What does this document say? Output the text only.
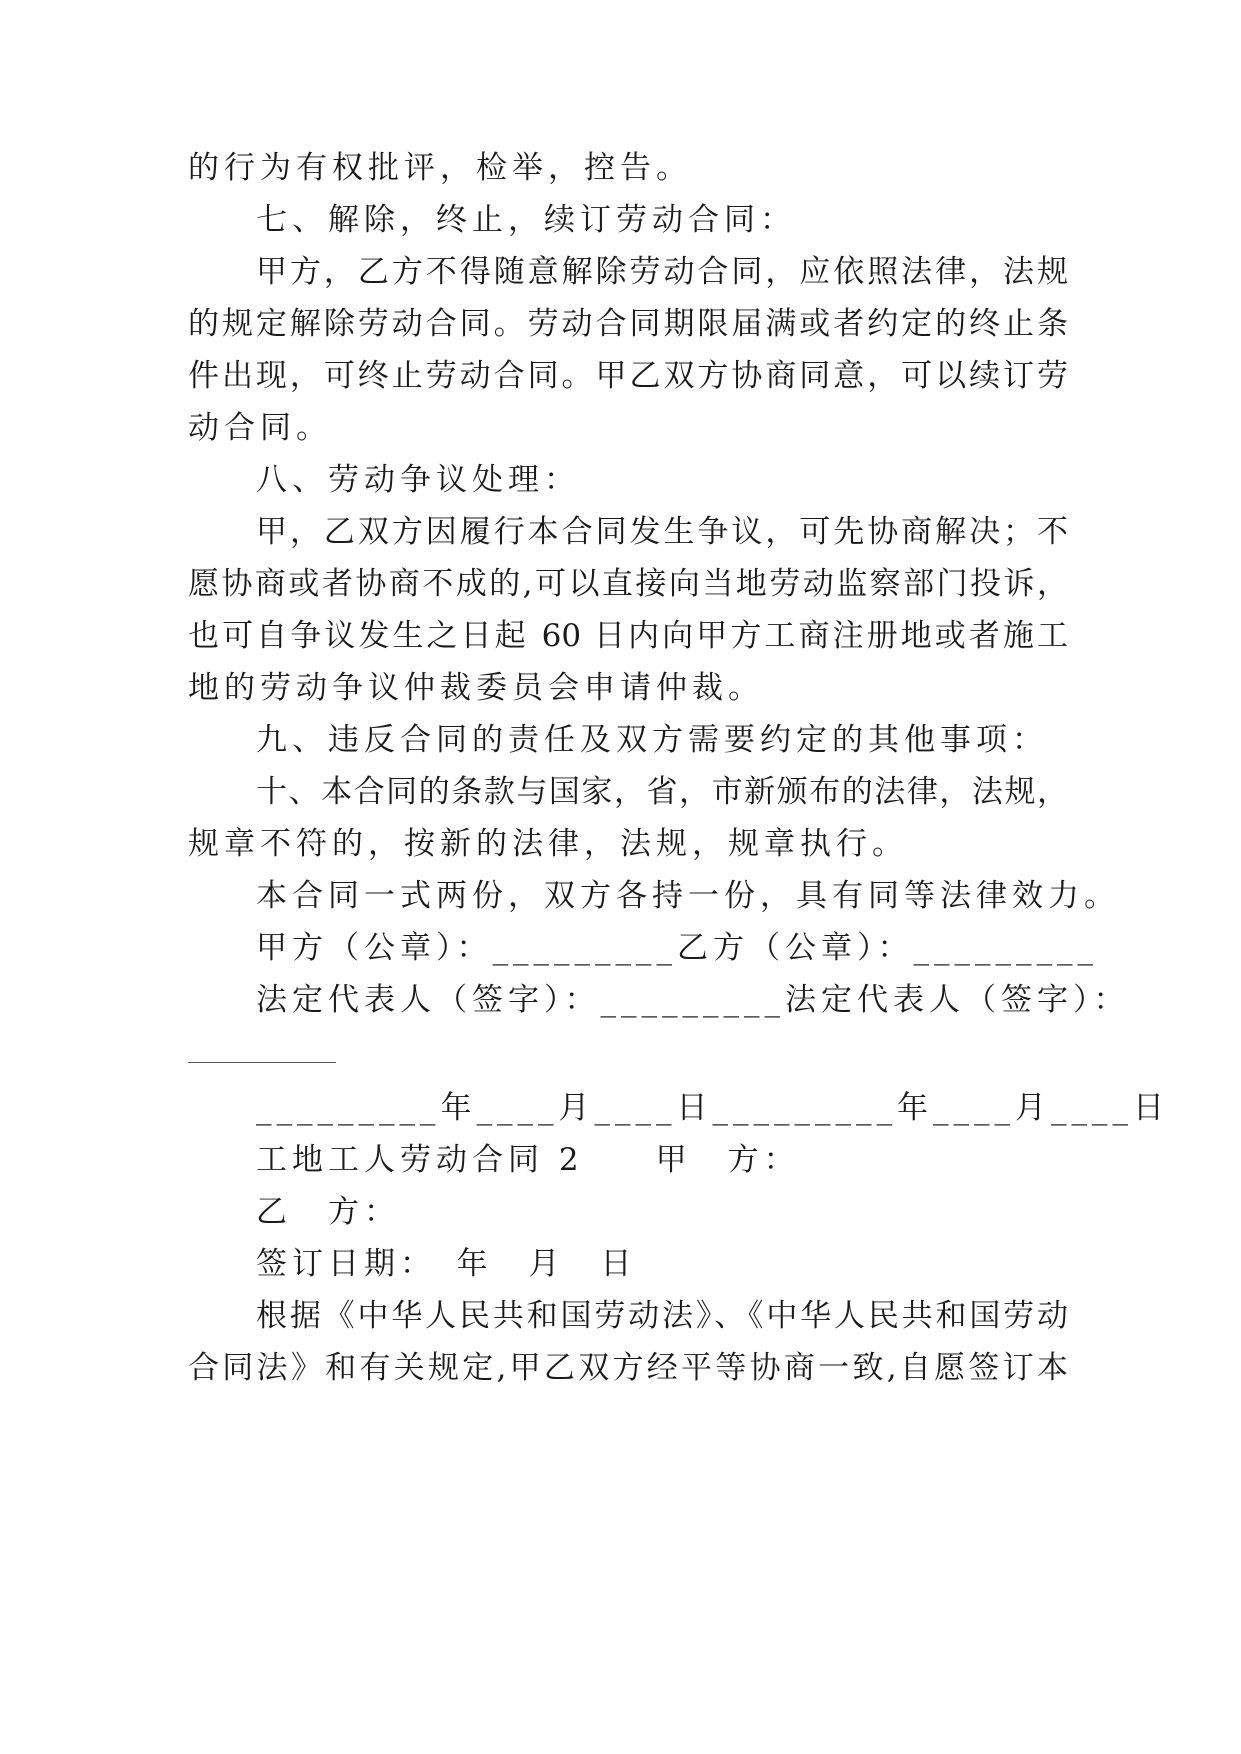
的行为有权批评，检举，控告。
七、解除，终止，续订劳动合同：
甲方，乙方不得随意解除劳动合同，应依照法律，法规
的规定解除劳动合同。劳动合同期限届满或者约定的终止条
件出现，可终止劳动合同。甲乙双方协商同意，可以续订劳
动合同。
八、劳动争议处理：
甲，乙双方因履行本合同发生争议，可先协商解决；不
愿协商或者协商不成的,可以直接向当地劳动监察部门投诉，
也可自争议发生之日起 60 日内向甲方工商注册地或者施工
地的劳动争议仲裁委员会申请仲裁。
九、违反合同的责任及双方需要约定的其他事项：
十、本合同的条款与国家，省，市新颁布的法律，法规，
规章不符的，按新的法律，法规，规章执行。
本合同一式两份，双方各持一份，具有同等法律效力。
甲方（公章）：_________乙方（公章）：_________
法定代表人（签字）：_________法定代表人（签字）：
_________年____月____日_________年____月____日
工地工人劳动合同 2　　甲　方：
乙　方：
签订日期：　年　月　日
根据《中华人民共和国劳动法》、《中华人民共和国劳动
合同法》和有关规定,甲乙双方经平等协商一致,自愿签订本
